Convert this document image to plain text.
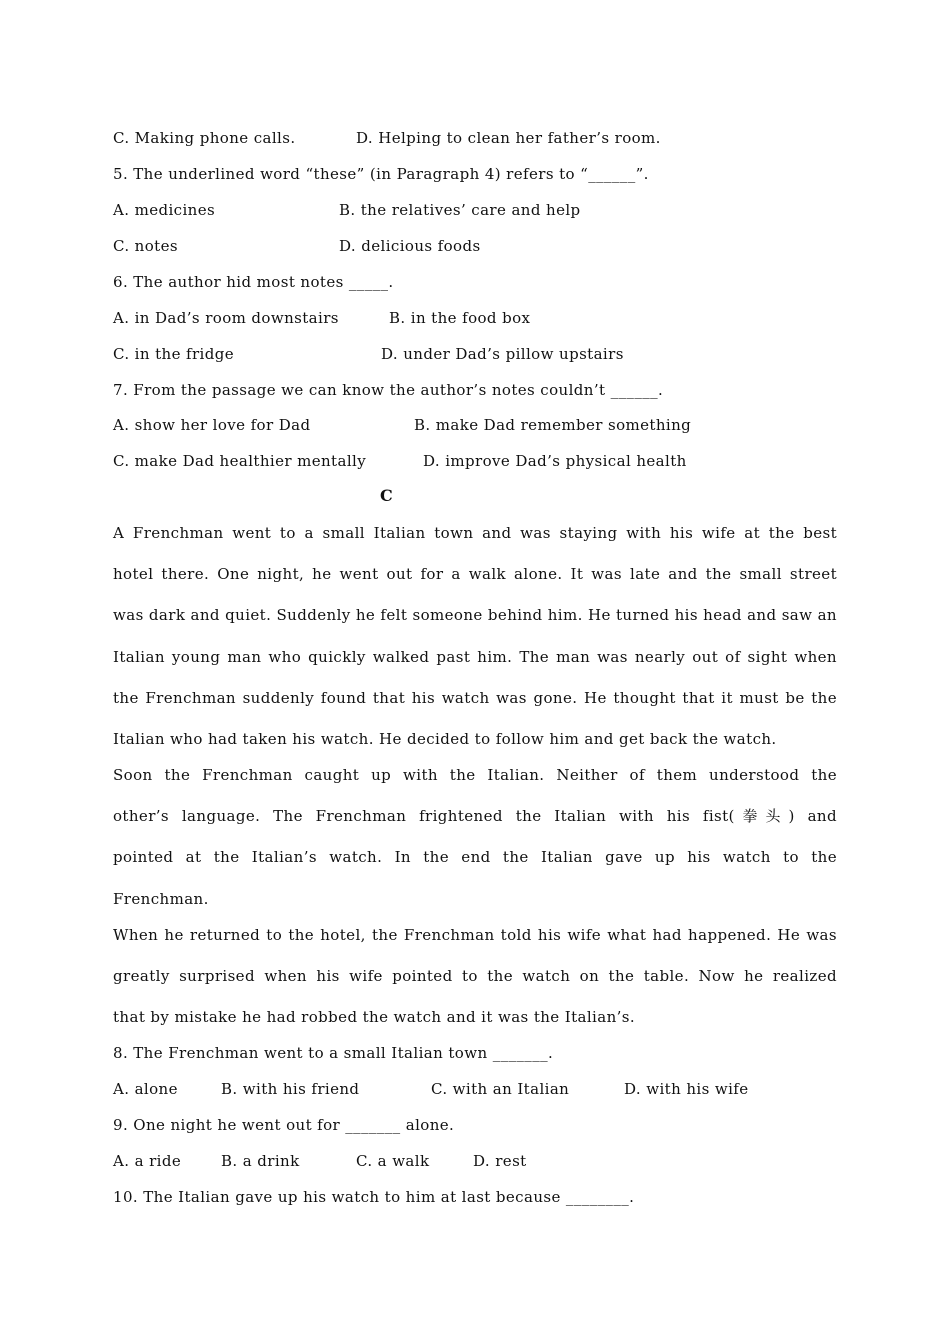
C. Making phone calls.	D. Helping to clean her father’s room.
5. The underlined word “these” (in Paragraph 4) refers to “______”.
A. medicines	B. the relatives’ care and help
C. notes	D. delicious foods
6. The author hid most notes _____.
A. in Dad’s room downstairs	B. in the food box
C. in the fridge	D. under Dad’s pillow upstairs
7. From the passage we can know the author’s notes couldn’t ______.
A. show her love for Dad	B. make Dad remember something
C. make Dad healthier mentally	D. improve Dad’s physical health
C
A Frenchman went to a small Italian town and was staying with his wife at the best
hotel there. One night, he went out for a walk alone. It was late and the small street
was dark and quiet. Suddenly he felt someone behind him. He turned his head and saw an
Italian young man who quickly walked past him. The man was nearly out of sight when
the Frenchman suddenly found that his watch was gone. He thought that it must be the
Italian who had taken his watch. He decided to follow him and get back the watch.
Soon the Frenchman caught up with the Italian. Neither of them understood the
other’s language. The Frenchman frightened the Italian with his fist(拳头) and
pointed at the Italian’s watch. In the end the Italian gave up his watch to the
Frenchman.
When he returned to the hotel, the Frenchman told his wife what had happened. He was
greatly surprised when his wife pointed to the watch on the table. Now he realized
that by mistake he had robbed the watch and it was the Italian’s.
8. The Frenchman went to a small Italian town _______.
A. alone	B. with his friend	C. with an Italian	D. with his wife
9. One night he went out for _______ alone.
A. a ride	B. a drink	C. a walk	D. rest
10. The Italian gave up his watch to him at last because ________.
